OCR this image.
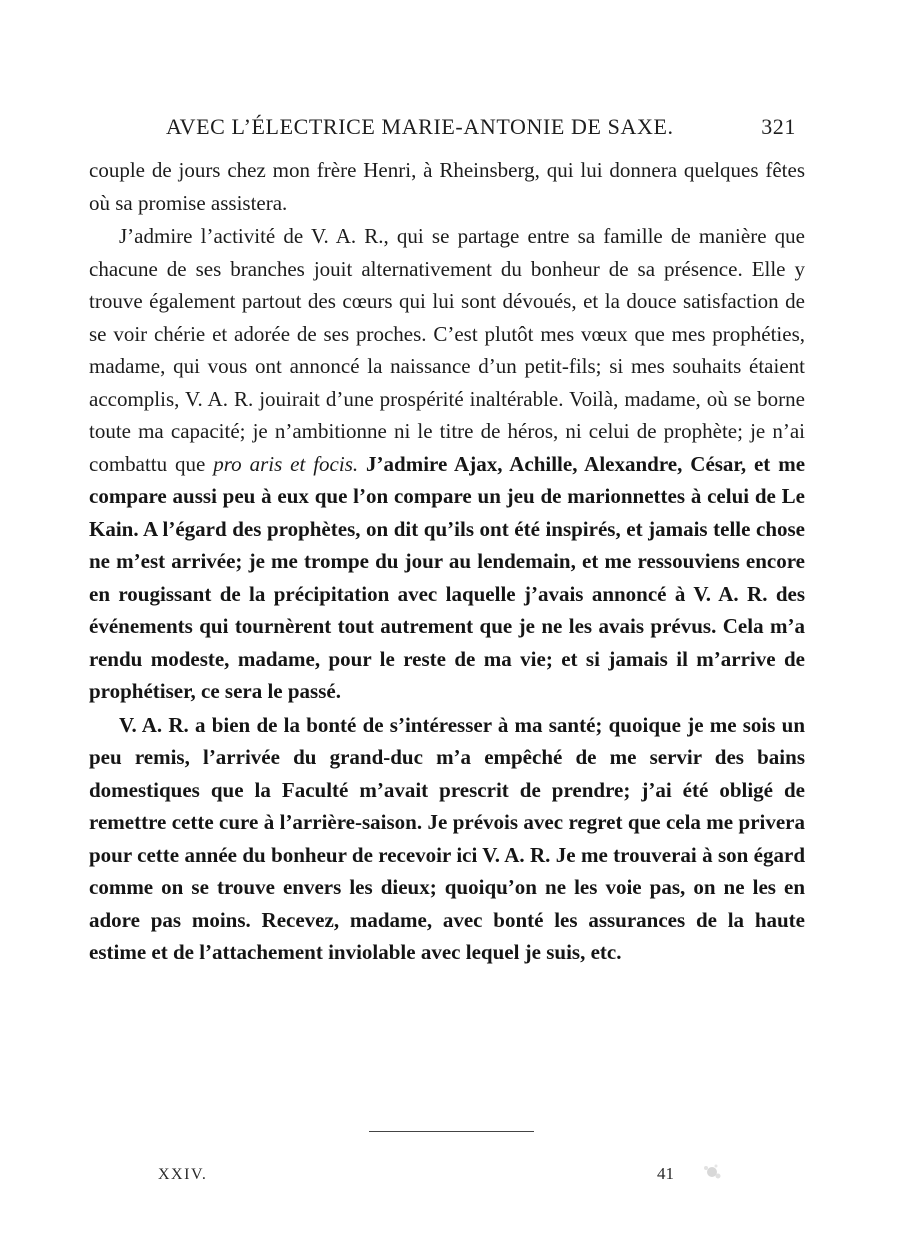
AVEC L’ÉLECTRICE MARIE-ANTONIE DE SAXE.	321

couple de jours chez mon frère Henri, à Rheinsberg, qui lui donnera quelques fêtes où sa promise assistera.

J’admire l’activité de V. A. R., qui se partage entre sa famille de manière que chacune de ses branches jouit alternativement du bonheur de sa présence. Elle y trouve également partout des cœurs qui lui sont dévoués, et la douce satisfaction de se voir chérie et adorée de ses proches. C’est plutôt mes vœux que mes prophéties, madame, qui vous ont annoncé la naissance d’un petit-fils; si mes souhaits étaient accomplis, V. A. R. jouirait d’une prospérité inaltérable. Voilà, madame, où se borne toute ma capacité; je n’ambitionne ni le titre de héros, ni celui de prophète; je n’ai combattu que pro aris et focis. J’admire Ajax, Achille, Alexandre, César, et me compare aussi peu à eux que l’on compare un jeu de marionnettes à celui de Le Kain. A l’égard des prophètes, on dit qu’ils ont été inspirés, et jamais telle chose ne m’est arrivée; je me trompe du jour au lendemain, et me ressouviens encore en rougissant de la précipitation avec laquelle j’avais annoncé à V. A. R. des événements qui tournèrent tout autrement que je ne les avais prévus. Cela m’a rendu modeste, madame, pour le reste de ma vie; et si jamais il m’arrive de prophétiser, ce sera le passé.

V. A. R. a bien de la bonté de s’intéresser à ma santé; quoique je me sois un peu remis, l’arrivée du grand-duc m’a empêché de me servir des bains domestiques que la Faculté m’avait prescrit de prendre; j’ai été obligé de remettre cette cure à l’arrière-saison. Je prévois avec regret que cela me privera pour cette année du bonheur de recevoir ici V. A. R. Je me trouverai à son égard comme on se trouve envers les dieux; quoiqu’on ne les voie pas, on ne les en adore pas moins. Recevez, madame, avec bonté les assurances de la haute estime et de l’attachement inviolable avec lequel je suis, etc.

XXIV.	41
